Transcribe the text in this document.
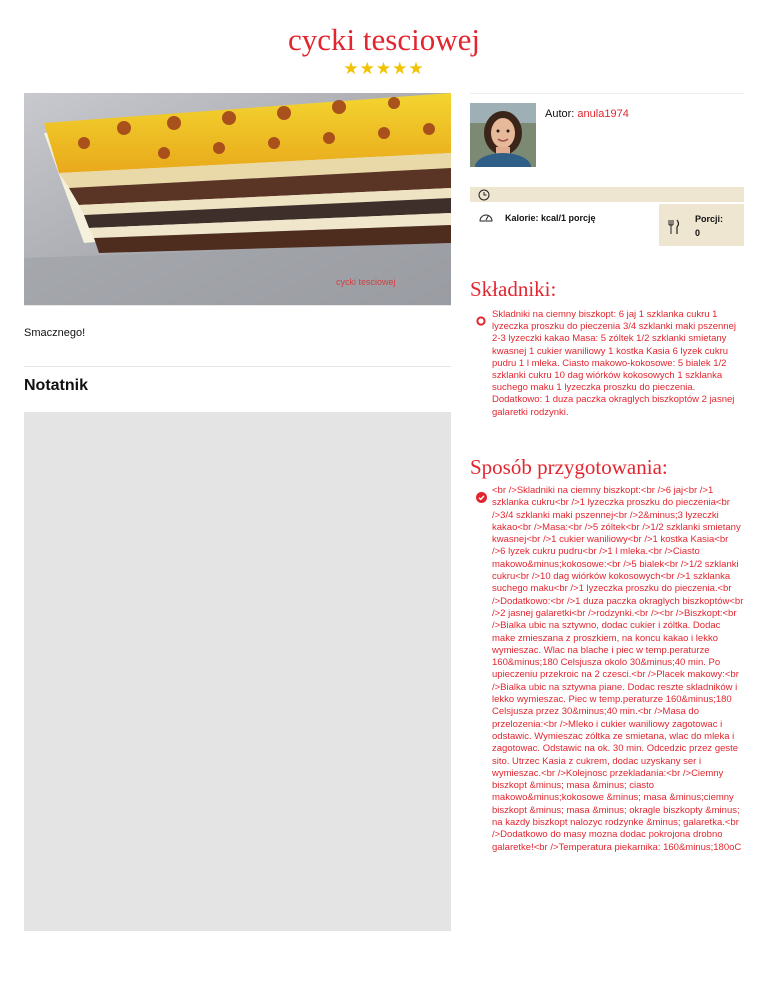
cycki tesciowej
★★★★★
cycki tesciowej
Smacznego!
Notatnik
Autor: anula1974
Kalorie: kcal/1 porcję	Porcji:
0
Składniki:
Skladniki na ciemny biszkopt: 6 jaj 1 szklanka cukru 1 lyzeczka proszku do pieczenia 3/4 szklanki maki pszennej 2-3 lyzeczki kakao Masa: 5 zóltek 1/2 szklanki smietany kwasnej 1 cukier waniliowy 1 kostka Kasia 6 lyzek cukru pudru 1 l mleka. Ciasto makowo-kokosowe: 5 bialek 1/2 szklanki cukru 10 dag wiórków kokosowych 1 szklanka suchego maku 1 lyzeczka proszku do pieczenia. Dodatkowo: 1 duza paczka okraglych biszkoptów 2 jasnej galaretki rodzynki.
Sposób przygotowania:
<br />Skladniki na ciemny biszkopt:<br />6 jaj<br />1 szklanka cukru<br />1 lyzeczka proszku do pieczenia<br />3/4 szklanki maki pszennej<br />2&minus;3 lyzeczki kakao<br />Masa:<br />5 zóltek<br />1/2 szklanki smietany kwasnej<br />1 cukier waniliowy<br />1 kostka Kasia<br />6 lyzek cukru pudru<br />1 l mleka.<br />Ciasto makowo&minus;kokosowe:<br />5 bialek<br />1/2 szklanki cukru<br />10 dag wiórków kokosowych<br />1 szklanka suchego maku<br />1 lyzeczka proszku do pieczenia.<br />Dodatkowo:<br />1 duza paczka okraglych biszkoptów<br />2 jasnej galaretki<br />rodzynki.<br /><br />Biszkopt:<br />Bialka ubic na sztywno, dodac cukier i zóltka. Dodac make zmieszana z proszkiem, na koncu kakao i lekko wymieszac. Wlac na blache i piec w temp.peraturze 160&minus;180 Celsjusza okolo 30&minus;40 min. Po upieczeniu przekroic na 2 czesci.<br />Placek makowy:<br />Bialka ubic na sztywna piane. Dodac reszte skladników i lekko wymieszac. Piec w temp.peraturze 160&minus;180 Celsjusza przez 30&minus;40 min.<br />Masa do przelozenia:<br />Mleko i cukier waniliowy zagotowac i odstawic. Wymieszac zóltka ze smietana, wlac do mleka i zagotowac. Odstawic na ok. 30 min. Odcedzic przez geste sito. Utrzec Kasia z cukrem, dodac uzyskany ser i wymieszac.<br />Kolejnosc przekladania:<br />Ciemny biszkopt &minus; masa &minus; ciasto makowo&minus;kokosowe &minus; masa &minus;ciemny biszkopt &minus; masa &minus; okragle biszkopty &minus; na kazdy biszkopt nalozyc rodzynke &minus; galaretka.<br />Dodatkowo do masy mozna dodac pokrojona drobno galaretke!<br />Temperatura piekarnika: 160&minus;180oC
